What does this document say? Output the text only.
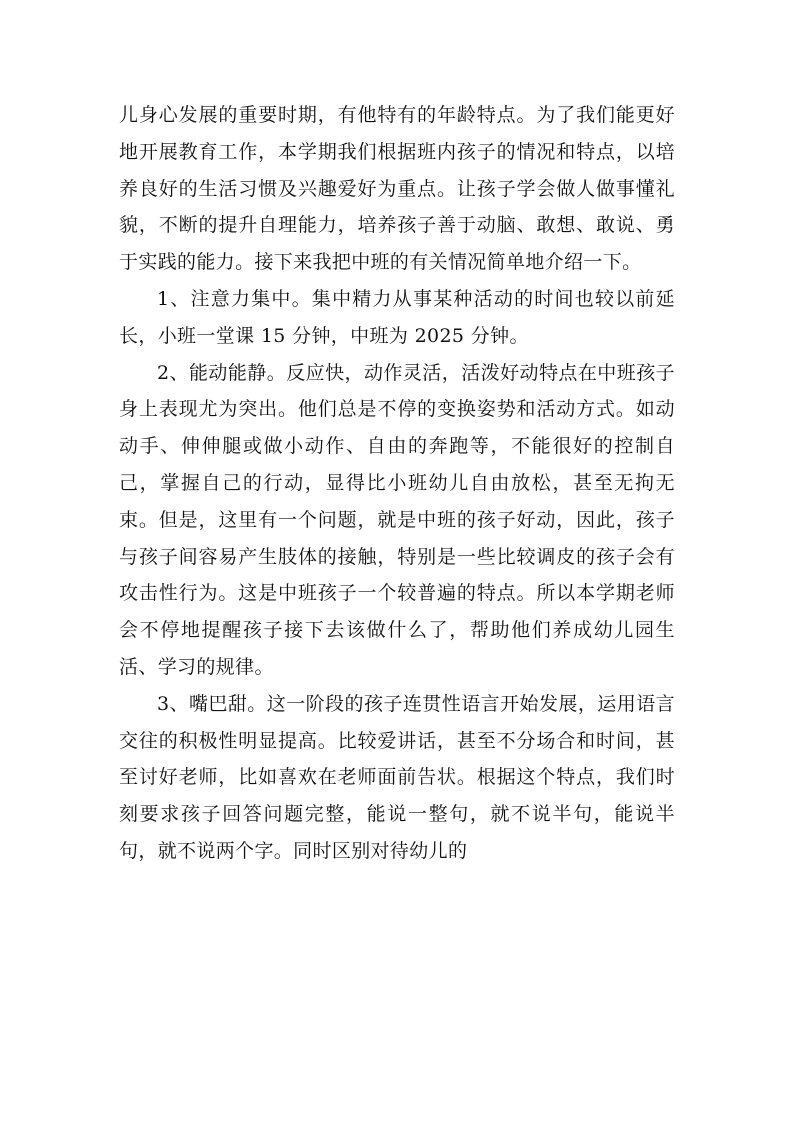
儿身心发展的重要时期，有他特有的年龄特点。为了我们能更好地开展教育工作，本学期我们根据班内孩子的情况和特点，以培养良好的生活习惯及兴趣爱好为重点。让孩子学会做人做事懂礼貌，不断的提升自理能力，培养孩子善于动脑、敢想、敢说、勇于实践的能力。接下来我把中班的有关情况简单地介绍一下。

1、注意力集中。集中精力从事某种活动的时间也较以前延长，小班一堂课 15 分钟，中班为 2025 分钟。

2、能动能静。反应快，动作灵活，活泼好动特点在中班孩子身上表现尤为突出。他们总是不停的变换姿势和活动方式。如动动手、伸伸腿或做小动作、自由的奔跑等，不能很好的控制自己，掌握自己的行动，显得比小班幼儿自由放松，甚至无拘无束。但是，这里有一个问题，就是中班的孩子好动，因此，孩子与孩子间容易产生肢体的接触，特别是一些比较调皮的孩子会有攻击性行为。这是中班孩子一个较普遍的特点。所以本学期老师会不停地提醒孩子接下去该做什么了，帮助他们养成幼儿园生活、学习的规律。

3、嘴巴甜。这一阶段的孩子连贯性语言开始发展，运用语言交往的积极性明显提高。比较爱讲话，甚至不分场合和时间，甚至讨好老师，比如喜欢在老师面前告状。根据这个特点，我们时刻要求孩子回答问题完整，能说一整句，就不说半句，能说半句，就不说两个字。同时区别对待幼儿的
